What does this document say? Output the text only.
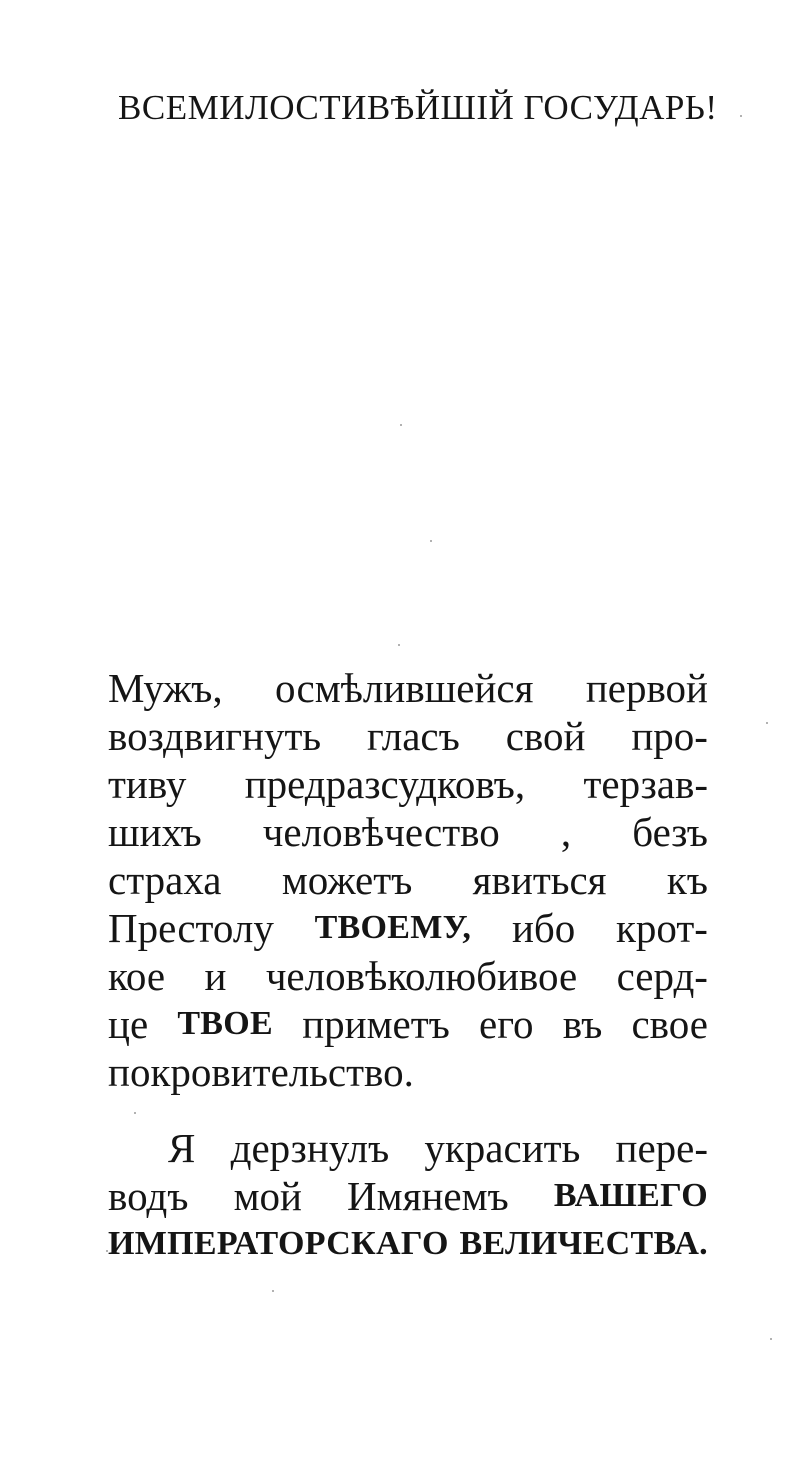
ВСЕМИЛОСТИВѢЙШІЙ ГОСУДАРЬ!
Мужъ, осмѣлившейся первой
воздвигнуть гласъ свой про-
тиву предразсудковъ, терзав-
шихъ человѣчество , безъ
страха можетъ явиться къ
Престолу ТВОЕМУ, ибо крот-
кое и человѣколюбивое серд-
це ТВОЕ приметъ его въ свое
покровительство.
Я дерзнулъ украсить пере-
водъ мой Имянемъ ВАШЕГО
ИМПЕРАТОРСКАГО ВЕЛИЧЕСТВА.
